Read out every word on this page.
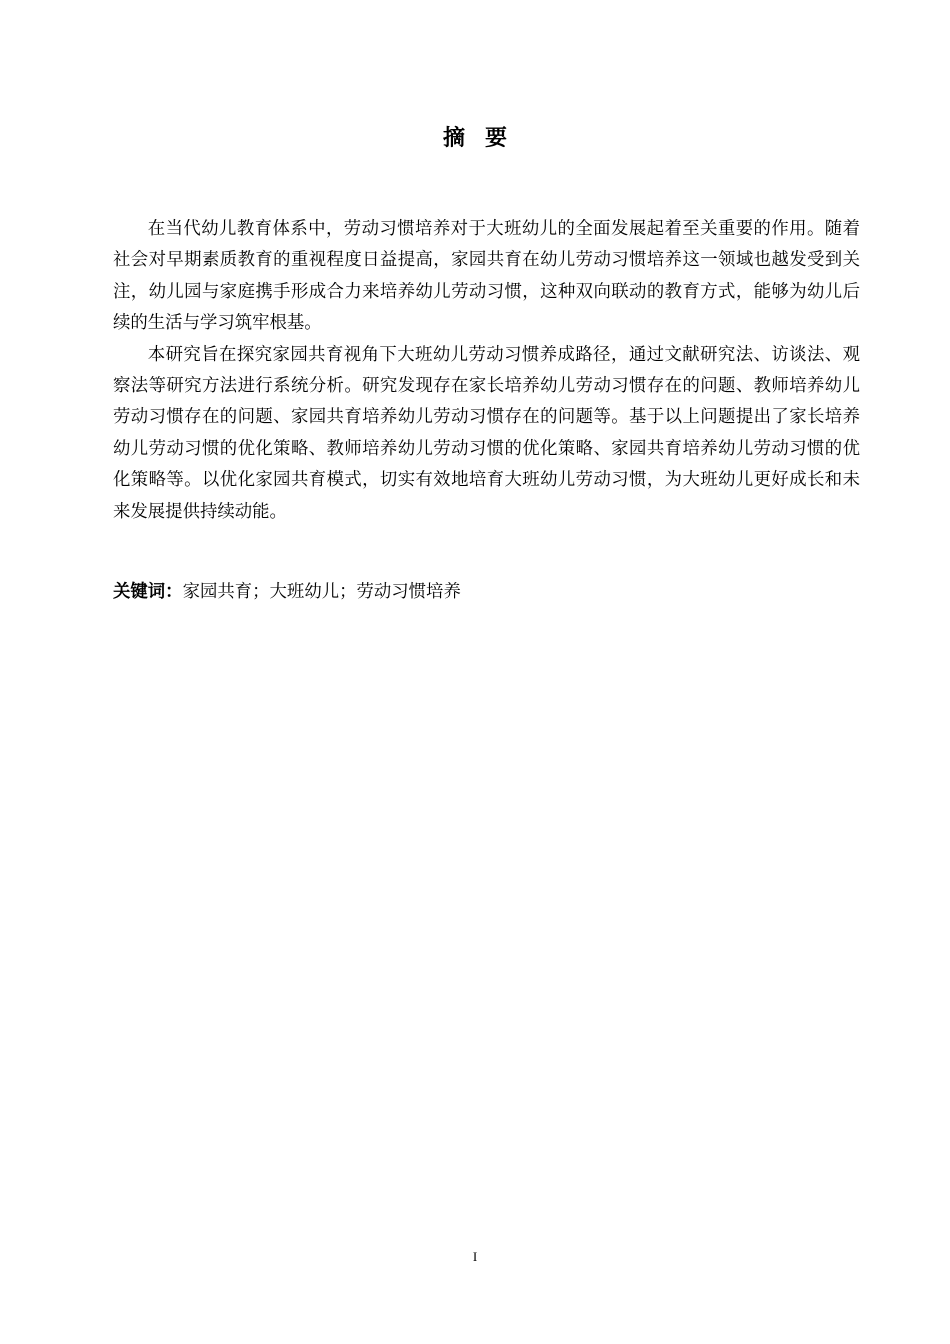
摘要

在当代幼儿教育体系中，劳动习惯培养对于大班幼儿的全面发展起着至关重要的作用。随着社会对早期素质教育的重视程度日益提高，家园共育在幼儿劳动习惯培养这一领域也越发受到关注，幼儿园与家庭携手形成合力来培养幼儿劳动习惯，这种双向联动的教育方式，能够为幼儿后续的生活与学习筑牢根基。

本研究旨在探究家园共育视角下大班幼儿劳动习惯养成路径，通过文献研究法、访谈法、观察法等研究方法进行系统分析。研究发现存在家长培养幼儿劳动习惯存在的问题、教师培养幼儿劳动习惯存在的问题、家园共育培养幼儿劳动习惯存在的问题等。基于以上问题提出了家长培养幼儿劳动习惯的优化策略、教师培养幼儿劳动习惯的优化策略、家园共育培养幼儿劳动习惯的优化策略等。以优化家园共育模式，切实有效地培育大班幼儿劳动习惯，为大班幼儿更好成长和未来发展提供持续动能。

关键词：家园共育；大班幼儿；劳动习惯培养
I
